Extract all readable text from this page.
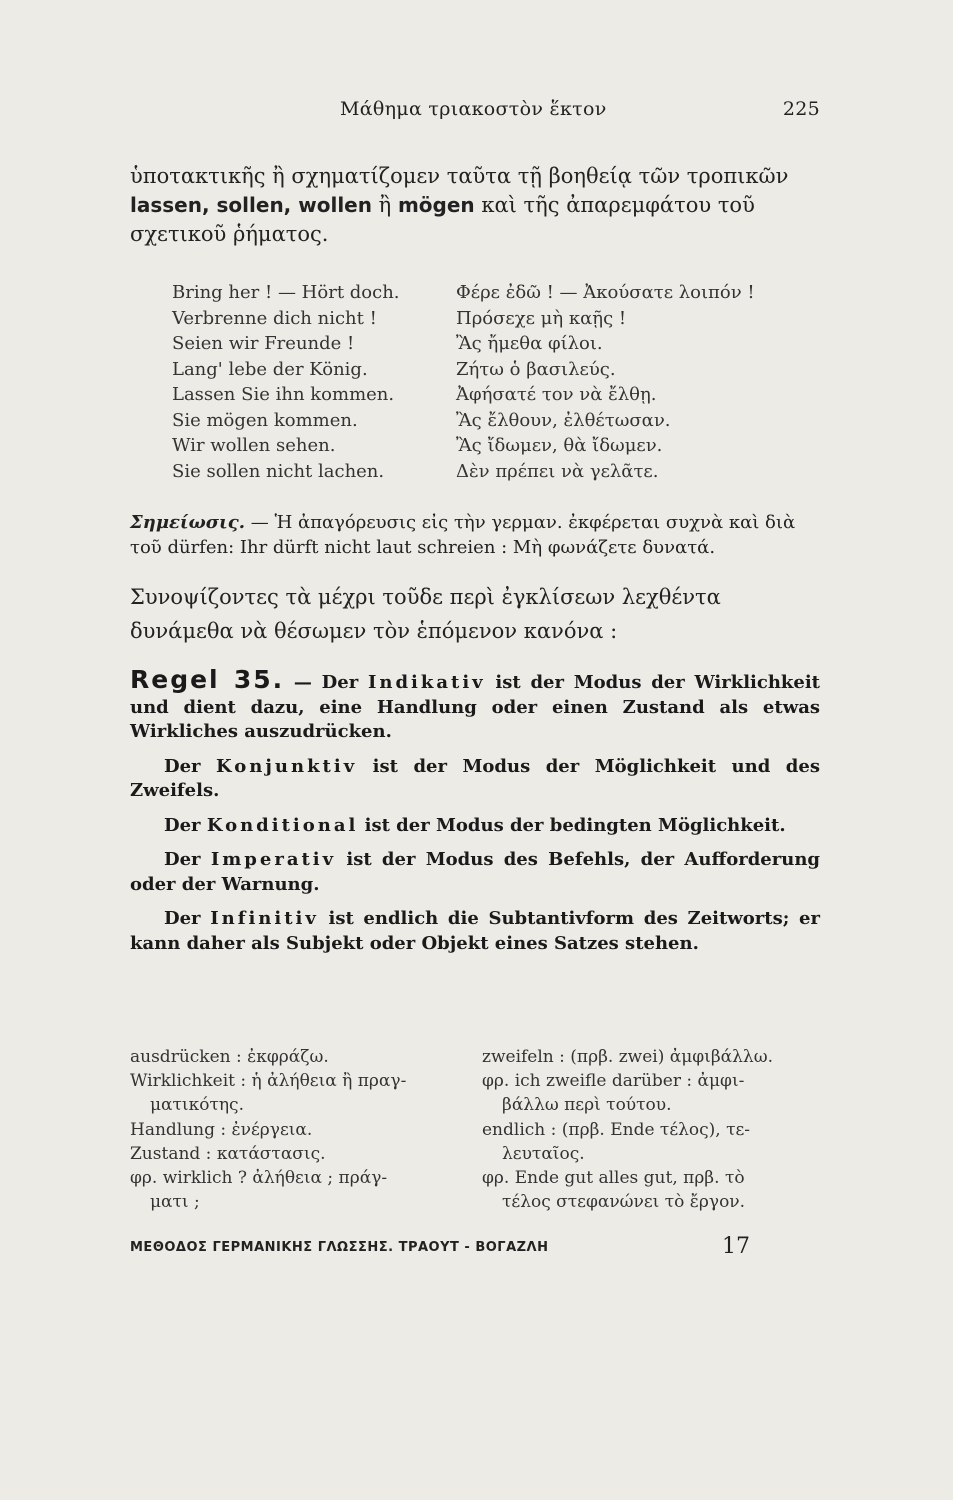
Μάθημα τριακοστὸν ἕκτον	225
ὑποτακτικῆς ἢ σχηματίζομεν ταῦτα τῇ βοηθείᾳ τῶν τροπικῶν lassen, sollen, wollen ἢ mögen καὶ τῆς ἀπαρεμφάτου τοῦ σχετικοῦ ῥήματος.
Bring her ! — Hört doch.	Φέρε ἐδῶ ! — Ἀκούσατε λοιπόν !
Verbrenne dich nicht !	Πρόσεχε μὴ καῇς !
Seien wir Freunde !	Ἂς ἤμεθα φίλοι.
Lang' lebe der König.	Ζήτω ὁ βασιλεύς.
Lassen Sie ihn kommen.	Ἀφήσατέ τον νὰ ἔλθῃ.
Sie mögen kommen.	Ἂς ἔλθουν, ἐλθέτωσαν.
Wir wollen sehen.	Ἂς ἴδωμεν, θὰ ἴδωμεν.
Sie sollen nicht lachen.	Δὲν πρέπει νὰ γελᾶτε.
Σημείωσις. — Ἡ ἀπαγόρευσις εἰς τὴν γερμαν. ἐκφέρεται συχνὰ καὶ διὰ τοῦ dürfen: Ihr dürft nicht laut schreien : Μὴ φωνάζετε δυνατά.
Συνοψίζοντες τὰ μέχρι τοῦδε περὶ ἐγκλίσεων λεχθέντα δυνάμεθα νὰ θέσωμεν τὸν ἑπόμενον κανόνα :

Regel 35. — Der Indikativ ist der Modus der Wirklichkeit und dient dazu, eine Handlung oder einen Zustand als etwas Wirkliches auszudrücken.

Der Konjunktiv ist der Modus der Möglichkeit und des Zweifels.

Der Konditional ist der Modus der bedingten Möglichkeit.

Der Imperativ ist der Modus des Befehls, der Aufforderung oder der Warnung.

Der Infinitiv ist endlich die Subtantivform des Zeitworts; er kann daher als Subjekt oder Objekt eines Satzes stehen.

ausdrücken : ἐκφράζω.
Wirklichkeit : ἡ ἀλήθεια ἢ πραγ-
ματικότης.
Handlung : ἐνέργεια.
Zustand : κατάστασις.
φρ. wirklich ? ἀλήθεια ; πράγ-
ματι ;
zweifeln : (πρβ. zwei) ἀμφιβάλλω.
φρ. ich zweifle darüber : ἀμφι-
βάλλω περὶ τούτου.
endlich : (πρβ. Ende τέλος), τε-
λευταῖος.
φρ. Ende gut alles gut, πρβ. τὸ
τέλος στεφανώνει τὸ ἔργον.
ΜΕΘΟΔΟΣ ΓΕΡΜΑΝΙΚΗΣ ΓΛΩΣΣΗΣ. ΤΡΑΟΥΤ - ΒΟΓΑΖΛΗ	17
